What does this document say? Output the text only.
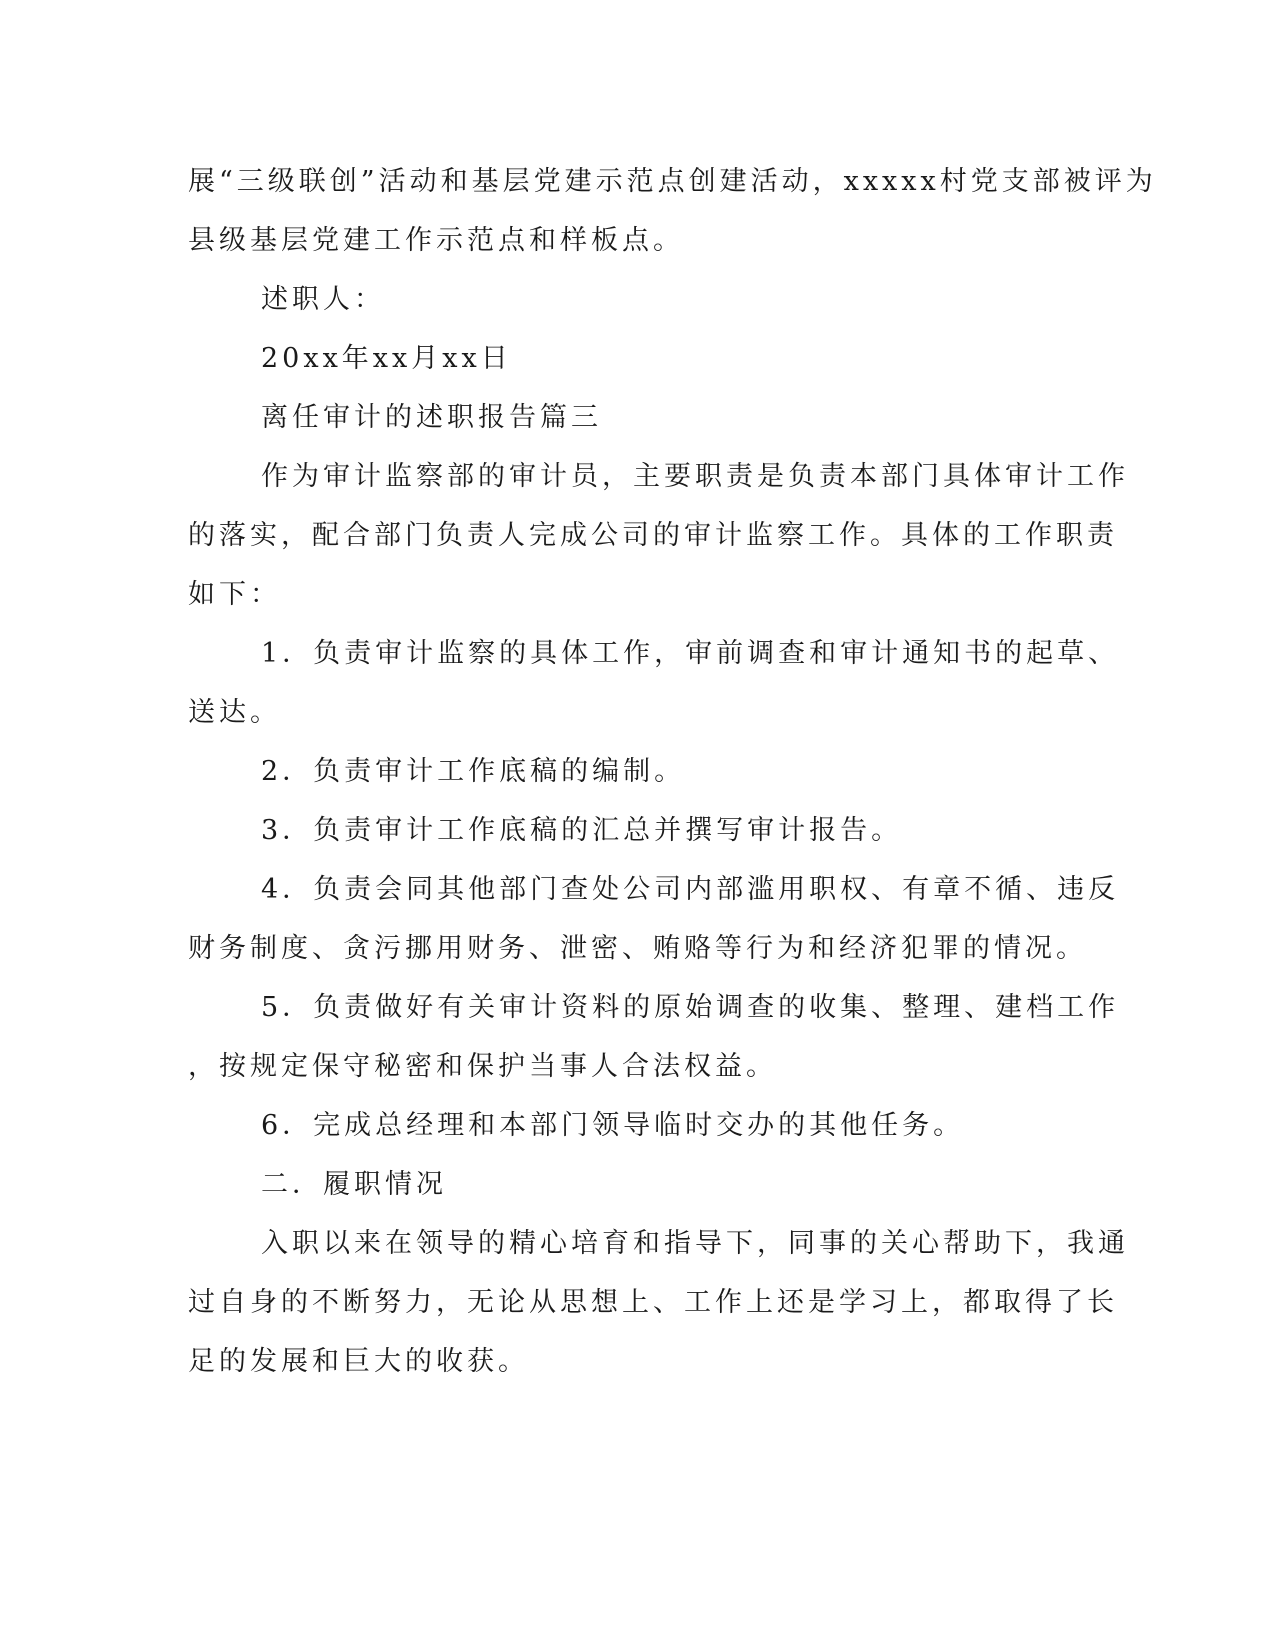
展“三级联创”活动和基层党建示范点创建活动，xxxxx村党支部被评为
县级基层党建工作示范点和样板点。
述职人：
20xx年xx月xx日
离任审计的述职报告篇三
作为审计监察部的审计员，主要职责是负责本部门具体审计工作
的落实，配合部门负责人完成公司的审计监察工作。具体的工作职责
如下：
1．负责审计监察的具体工作，审前调查和审计通知书的起草、
送达。
2．负责审计工作底稿的编制。
3．负责审计工作底稿的汇总并撰写审计报告。
4．负责会同其他部门查处公司内部滥用职权、有章不循、违反
财务制度、贪污挪用财务、泄密、贿赂等行为和经济犯罪的情况。
5．负责做好有关审计资料的原始调查的收集、整理、建档工作
，按规定保守秘密和保护当事人合法权益。
6．完成总经理和本部门领导临时交办的其他任务。
二．履职情况
入职以来在领导的精心培育和指导下，同事的关心帮助下，我通
过自身的不断努力，无论从思想上、工作上还是学习上，都取得了长
足的发展和巨大的收获。
